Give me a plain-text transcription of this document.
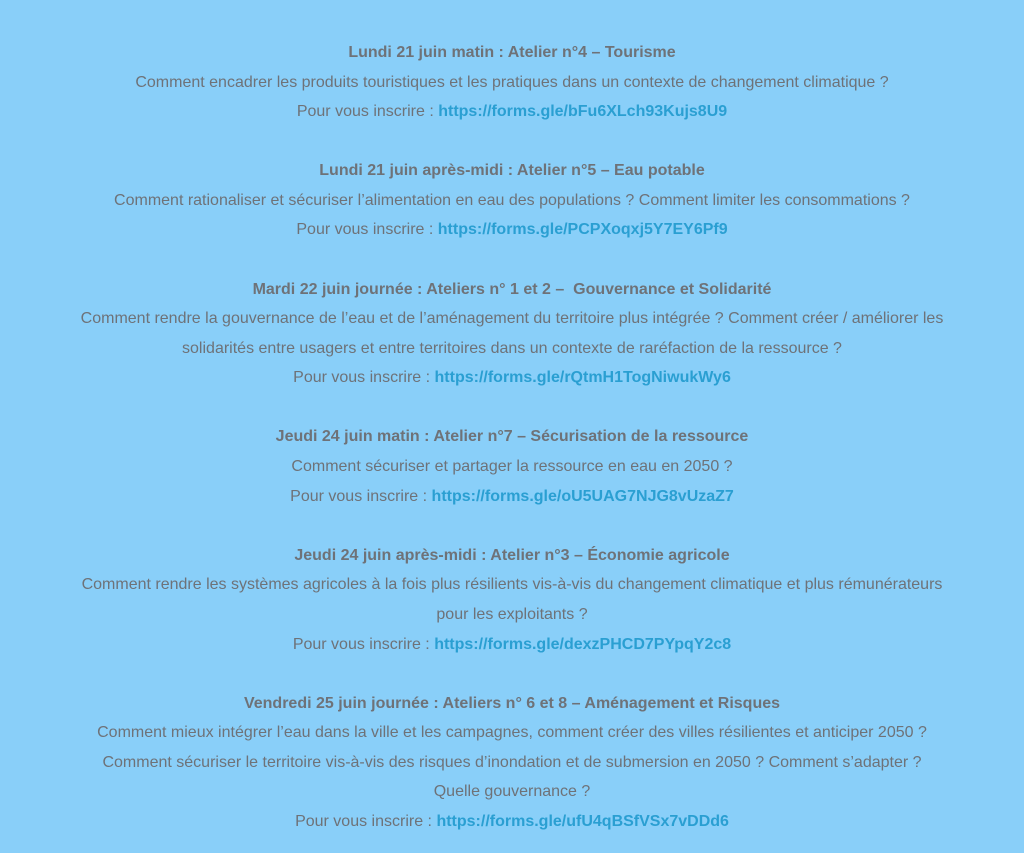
Lundi 21 juin matin : Atelier n°4 – Tourisme
Comment encadrer les produits touristiques et les pratiques dans un contexte de changement climatique ?
Pour vous inscrire : https://forms.gle/bFu6XLch93Kujs8U9
Lundi 21 juin après-midi : Atelier n°5 – Eau potable
Comment rationaliser et sécuriser l’alimentation en eau des populations ? Comment limiter les consommations ?
Pour vous inscrire : https://forms.gle/PCPXoqxj5Y7EY6Pf9
Mardi 22 juin journée : Ateliers n° 1 et 2 –  Gouvernance et Solidarité
Comment rendre la gouvernance de l’eau et de l’aménagement du territoire plus intégrée ? Comment créer / améliorer les
solidarités entre usagers et entre territoires dans un contexte de raréfaction de la ressource ?
Pour vous inscrire : https://forms.gle/rQtmH1TogNiwukWy6
Jeudi 24 juin matin : Atelier n°7 – Sécurisation de la ressource
Comment sécuriser et partager la ressource en eau en 2050 ?
Pour vous inscrire : https://forms.gle/oU5UAG7NJG8vUzaZ7
Jeudi 24 juin après-midi : Atelier n°3 – Économie agricole
Comment rendre les systèmes agricoles à la fois plus résilients vis-à-vis du changement climatique et plus rémunérateurs
pour les exploitants ?
Pour vous inscrire : https://forms.gle/dexzPHCD7PYpqY2c8
Vendredi 25 juin journée : Ateliers n° 6 et 8 – Aménagement et Risques
Comment mieux intégrer l’eau dans la ville et les campagnes, comment créer des villes résilientes et anticiper 2050 ?
Comment sécuriser le territoire vis-à-vis des risques d’inondation et de submersion en 2050 ? Comment s’adapter ?
Quelle gouvernance ?
Pour vous inscrire : https://forms.gle/ufU4qBSfVSx7vDDd6
